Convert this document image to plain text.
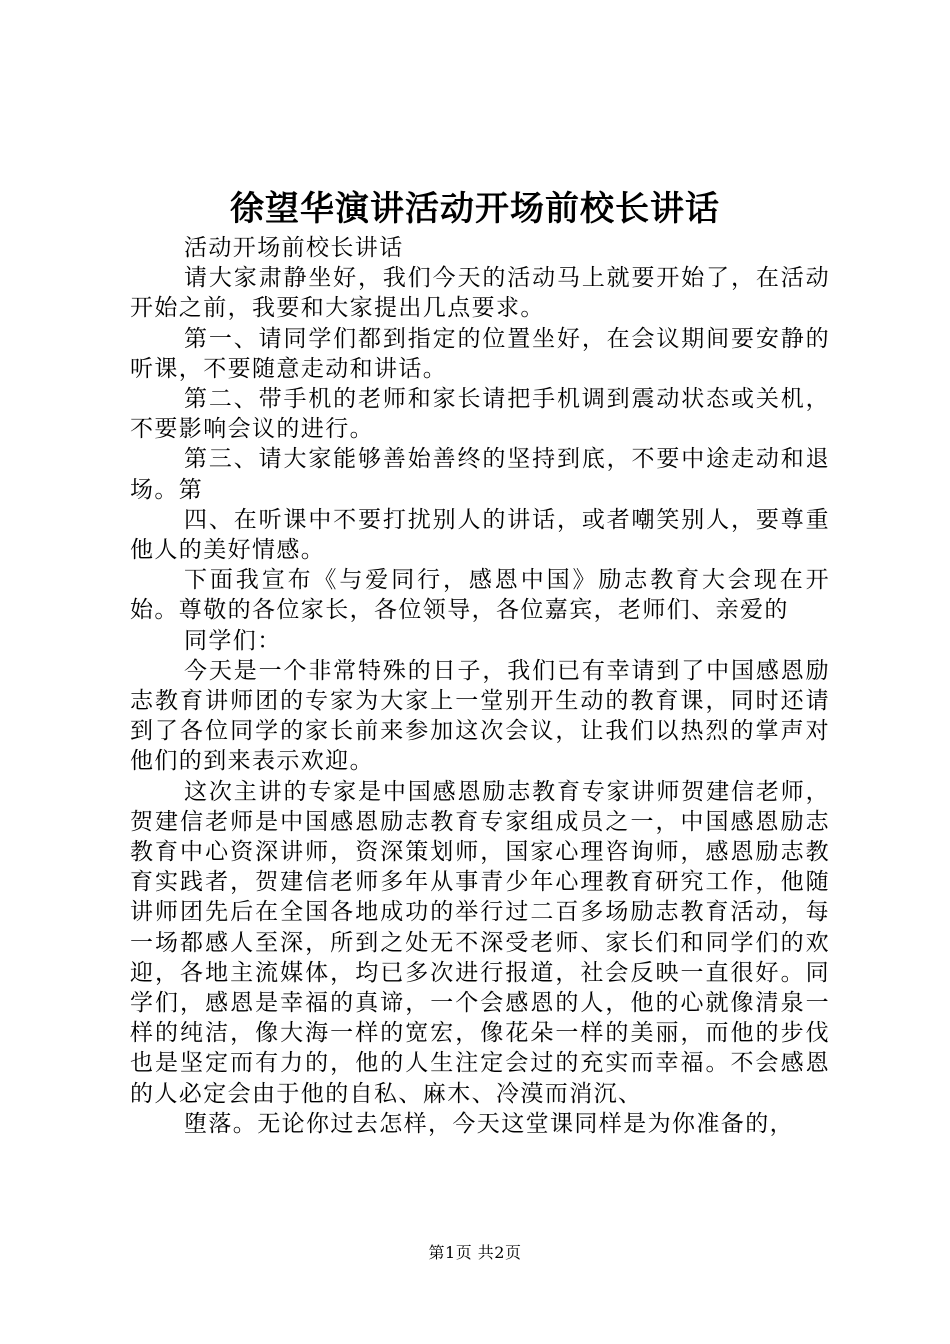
徐望华演讲活动开场前校长讲话

活动开场前校长讲话

请大家肃静坐好，我们今天的活动马上就要开始了，在活动开始之前，我要和大家提出几点要求。

第一、请同学们都到指定的位置坐好，在会议期间要安静的听课，不要随意走动和讲话。

第二、带手机的老师和家长请把手机调到震动状态或关机，不要影响会议的进行。

第三、请大家能够善始善终的坚持到底，不要中途走动和退场。第

四、在听课中不要打扰别人的讲话，或者嘲笑别人，要尊重他人的美好情感。

下面我宣布《与爱同行，感恩中国》励志教育大会现在开始。尊敬的各位家长，各位领导，各位嘉宾，老师们、亲爱的

同学们：

今天是一个非常特殊的日子，我们已有幸请到了中国感恩励志教育讲师团的专家为大家上一堂别开生动的教育课，同时还请到了各位同学的家长前来参加这次会议，让我们以热烈的掌声对他们的到来表示欢迎。

这次主讲的专家是中国感恩励志教育专家讲师贺建信老师，贺建信老师是中国感恩励志教育专家组成员之一，中国感恩励志教育中心资深讲师，资深策划师，国家心理咨询师，感恩励志教育实践者，贺建信老师多年从事青少年心理教育研究工作，他随讲师团先后在全国各地成功的举行过二百多场励志教育活动，每一场都感人至深，所到之处无不深受老师、家长们和同学们的欢迎，各地主流媒体，均已多次进行报道，社会反映一直很好。同学们，感恩是幸福的真谛，一个会感恩的人，他的心就像清泉一样的纯洁，像大海一样的宽宏，像花朵一样的美丽，而他的步伐也是坚定而有力的，他的人生注定会过的充实而幸福。不会感恩的人必定会由于他的自私、麻木、冷漠而消沉、

堕落。无论你过去怎样，今天这堂课同样是为你准备的，

第1页 共2页
